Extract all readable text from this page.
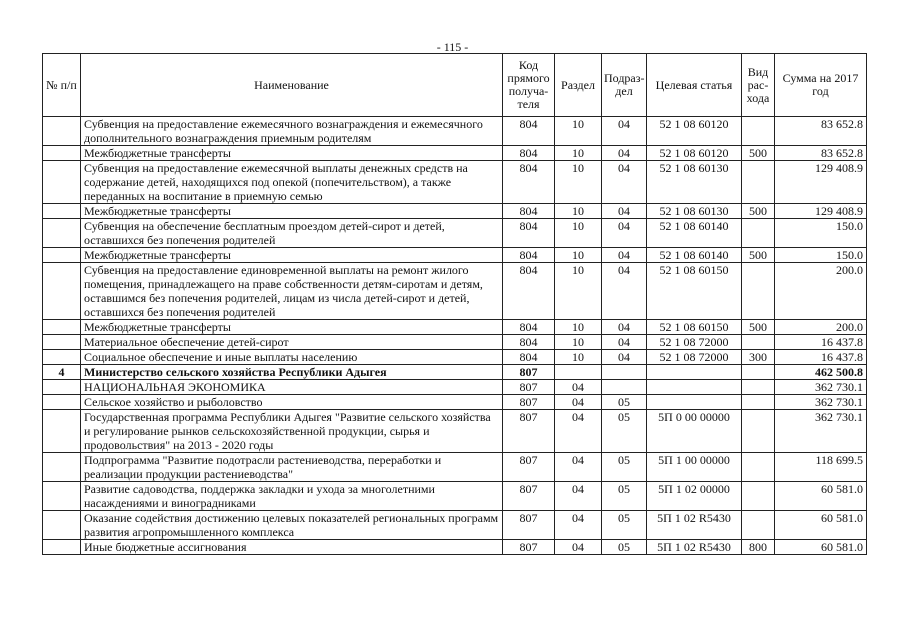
- 115 -
№ п/п	Наименование	Код прямого получа-теля	Раздел	Подраз-дел	Целевая статья	Вид рас-хода	Сумма на 2017 год
	Субвенция на предоставление ежемесячного вознаграждения и ежемесячного дополнительного вознаграждения приемным родителям	804	10	04	52 1 08 60120		83 652.8
	Межбюджетные трансферты	804	10	04	52 1 08 60120	500	83 652.8
	Субвенция на предоставление ежемесячной выплаты денежных средств на содержание детей, находящихся под опекой (попечительством), а также переданных на воспитание в приемную семью	804	10	04	52 1 08 60130		129 408.9
	Межбюджетные трансферты	804	10	04	52 1 08 60130	500	129 408.9
	Субвенция на обеспечение бесплатным проездом детей-сирот и детей, оставшихся без попечения родителей	804	10	04	52 1 08 60140		150.0
	Межбюджетные трансферты	804	10	04	52 1 08 60140	500	150.0
	Субвенция на предоставление единовременной выплаты на ремонт жилого помещения, принадлежащего на праве собственности детям-сиротам и детям, оставшимся без попечения родителей, лицам из числа детей-сирот и детей, оставшихся без попечения родителей	804	10	04	52 1 08 60150		200.0
	Межбюджетные трансферты	804	10	04	52 1 08 60150	500	200.0
	Материальное обеспечение детей-сирот	804	10	04	52 1 08 72000		16 437.8
	Социальное обеспечение и иные выплаты населению	804	10	04	52 1 08 72000	300	16 437.8
4	Министерство сельского хозяйства Республики Адыгея	807					462 500.8
	НАЦИОНАЛЬНАЯ ЭКОНОМИКА	807	04				362 730.1
	Сельское хозяйство и рыболовство	807	04	05			362 730.1
	Государственная программа Республики Адыгея "Развитие сельского хозяйства и регулирование рынков сельскохозяйственной продукции, сырья и продовольствия" на 2013 - 2020 годы	807	04	05	5П 0 00 00000		362 730.1
	Подпрограмма "Развитие подотрасли растениеводства, переработки и реализации продукции растениеводства"	807	04	05	5П 1 00 00000		118 699.5
	Развитие садоводства, поддержка закладки и ухода за многолетними насаждениями и виноградниками	807	04	05	5П 1 02 00000		60 581.0
	Оказание содействия достижению целевых показателей региональных программ развития агропромышленного комплекса	807	04	05	5П 1 02 R5430		60 581.0
	Иные бюджетные ассигнования	807	04	05	5П 1 02 R5430	800	60 581.0
